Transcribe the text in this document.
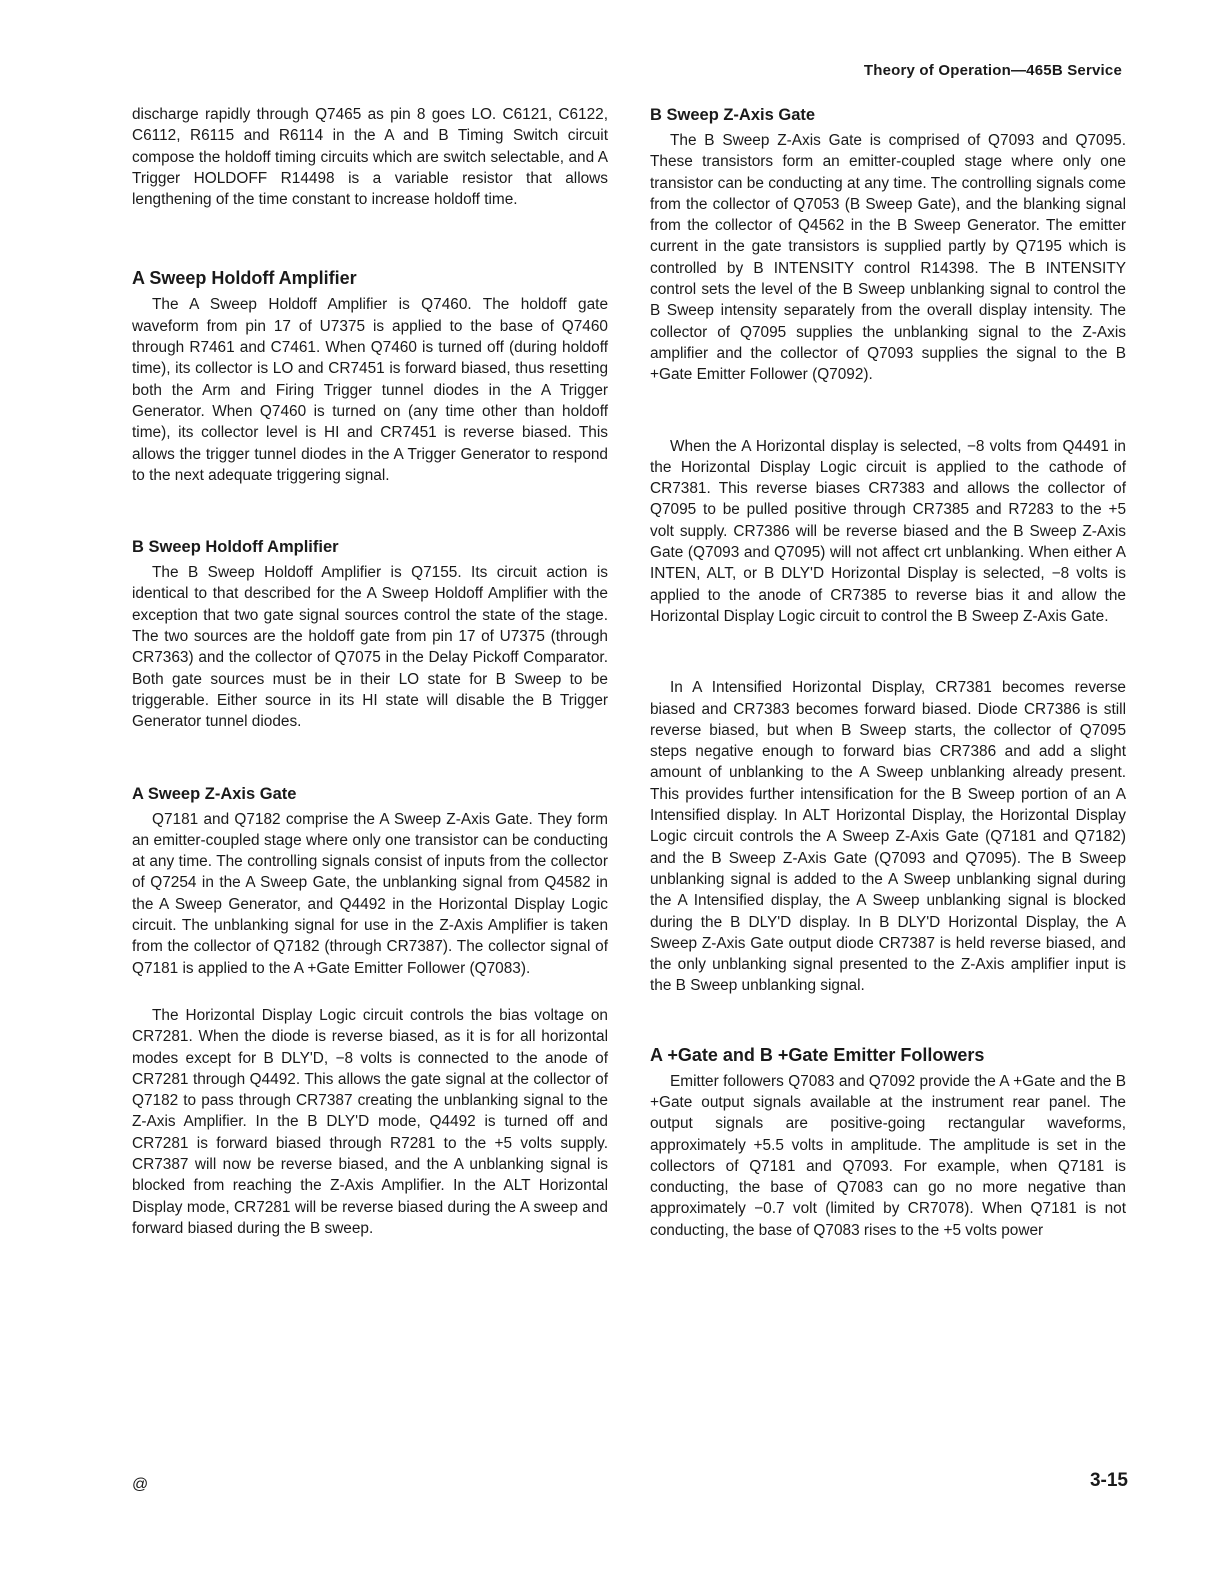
Theory of Operation—465B Service

discharge rapidly through Q7465 as pin 8 goes LO. C6121, C6122, C6112, R6115 and R6114 in the A and B Timing Switch circuit compose the holdoff timing circuits which are switch selectable, and A Trigger HOLDOFF R14498 is a variable resistor that allows lengthening of the time constant to increase holdoff time.

A Sweep Holdoff Amplifier

The A Sweep Holdoff Amplifier is Q7460. The holdoff gate waveform from pin 17 of U7375 is applied to the base of Q7460 through R7461 and C7461. When Q7460 is turned off (during holdoff time), its collector is LO and CR7451 is forward biased, thus resetting both the Arm and Firing Trigger tunnel diodes in the A Trigger Generator. When Q7460 is turned on (any time other than holdoff time), its collector level is HI and CR7451 is reverse biased. This allows the trigger tunnel diodes in the A Trigger Generator to respond to the next adequate triggering signal.

B Sweep Holdoff Amplifier

The B Sweep Holdoff Amplifier is Q7155. Its circuit action is identical to that described for the A Sweep Holdoff Amplifier with the exception that two gate signal sources control the state of the stage. The two sources are the holdoff gate from pin 17 of U7375 (through CR7363) and the collector of Q7075 in the Delay Pickoff Comparator. Both gate sources must be in their LO state for B Sweep to be triggerable. Either source in its HI state will disable the B Trigger Generator tunnel diodes.

A Sweep Z-Axis Gate

Q7181 and Q7182 comprise the A Sweep Z-Axis Gate. They form an emitter-coupled stage where only one transistor can be conducting at any time. The controlling signals consist of inputs from the collector of Q7254 in the A Sweep Gate, the unblanking signal from Q4582 in the A Sweep Generator, and Q4492 in the Horizontal Display Logic circuit. The unblanking signal for use in the Z-Axis Amplifier is taken from the collector of Q7182 (through CR7387). The collector signal of Q7181 is applied to the A +Gate Emitter Follower (Q7083).

The Horizontal Display Logic circuit controls the bias voltage on CR7281. When the diode is reverse biased, as it is for all horizontal modes except for B DLY'D, −8 volts is connected to the anode of CR7281 through Q4492. This allows the gate signal at the collector of Q7182 to pass through CR7387 creating the unblanking signal to the Z-Axis Amplifier. In the B DLY'D mode, Q4492 is turned off and CR7281 is forward biased through R7281 to the +5 volts supply. CR7387 will now be reverse biased, and the A unblanking signal is blocked from reaching the Z-Axis Amplifier. In the ALT Horizontal Display mode, CR7281 will be reverse biased during the A sweep and forward biased during the B sweep.

B Sweep Z-Axis Gate

The B Sweep Z-Axis Gate is comprised of Q7093 and Q7095. These transistors form an emitter-coupled stage where only one transistor can be conducting at any time. The controlling signals come from the collector of Q7053 (B Sweep Gate), and the blanking signal from the collector of Q4562 in the B Sweep Generator. The emitter current in the gate transistors is supplied partly by Q7195 which is controlled by B INTENSITY control R14398. The B INTENSITY control sets the level of the B Sweep unblanking signal to control the B Sweep intensity separately from the overall display intensity. The collector of Q7095 supplies the unblanking signal to the Z-Axis amplifier and the collector of Q7093 supplies the signal to the B +Gate Emitter Follower (Q7092).

When the A Horizontal display is selected, −8 volts from Q4491 in the Horizontal Display Logic circuit is applied to the cathode of CR7381. This reverse biases CR7383 and allows the collector of Q7095 to be pulled positive through CR7385 and R7283 to the +5 volt supply. CR7386 will be reverse biased and the B Sweep Z-Axis Gate (Q7093 and Q7095) will not affect crt unblanking. When either A INTEN, ALT, or B DLY'D Horizontal Display is selected, −8 volts is applied to the anode of CR7385 to reverse bias it and allow the Horizontal Display Logic circuit to control the B Sweep Z-Axis Gate.

In A Intensified Horizontal Display, CR7381 becomes reverse biased and CR7383 becomes forward biased. Diode CR7386 is still reverse biased, but when B Sweep starts, the collector of Q7095 steps negative enough to forward bias CR7386 and add a slight amount of unblanking to the A Sweep unblanking already present. This provides further intensification for the B Sweep portion of an A Intensified display. In ALT Horizontal Display, the Horizontal Display Logic circuit controls the A Sweep Z-Axis Gate (Q7181 and Q7182) and the B Sweep Z-Axis Gate (Q7093 and Q7095). The B Sweep unblanking signal is added to the A Sweep unblanking signal during the A Intensified display, the A Sweep unblanking signal is blocked during the B DLY'D display. In B DLY'D Horizontal Display, the A Sweep Z-Axis Gate output diode CR7387 is held reverse biased, and the only unblanking signal presented to the Z-Axis amplifier input is the B Sweep unblanking signal.

A +Gate and B +Gate Emitter Followers

Emitter followers Q7083 and Q7092 provide the A +Gate and the B +Gate output signals available at the instrument rear panel. The output signals are positive-going rectangular waveforms, approximately +5.5 volts in amplitude. The amplitude is set in the collectors of Q7181 and Q7093. For example, when Q7181 is conducting, the base of Q7083 can go no more negative than approximately −0.7 volt (limited by CR7078). When Q7181 is not conducting, the base of Q7083 rises to the +5 volts power

@	3-15
